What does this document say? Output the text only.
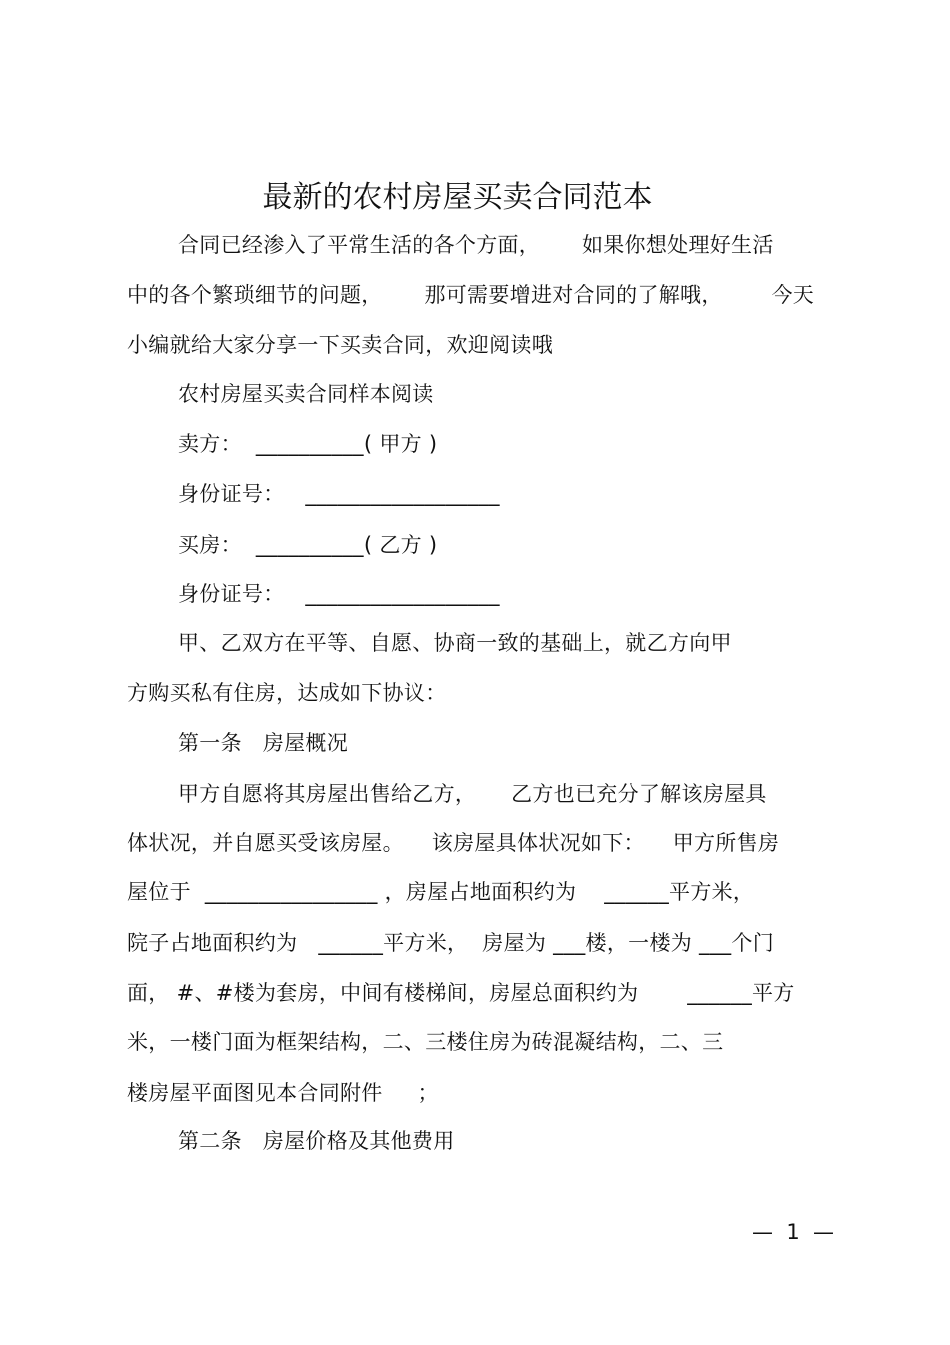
最新的农村房屋买卖合同范本
合同已经渗入了平常生活的各个方面，      如果你想处理好生活
中的各个繁琐细节的问题，      那可需要增进对合同的了解哦，       今天
小编就给大家分享一下买卖合同，欢迎阅读哦
农村房屋买卖合同样本阅读
卖方：  __________( 甲方 )
身份证号：   __________________
买房：  __________( 乙方 )
身份证号：   __________________
甲、乙双方在平等、自愿、协商一致的基础上，就乙方向甲
方购买私有住房，达成如下协议：
第一条   房屋概况
甲方自愿将其房屋出售给乙方，     乙方也已充分了解该房屋具
体状况，并自愿买受该房屋。    该房屋具体状况如下：    甲方所售房
屋位于  ________________ ，房屋占地面积约为    ______平方米，
院子占地面积约为   ______平方米，  房屋为 ___楼，一楼为 ___个门
面， #、#楼为套房，中间有楼梯间，房屋总面积约为       ______平方
米，一楼门面为框架结构，二、三楼住房为砖混凝结构，二、三
楼房屋平面图见本合同附件     ；
第二条   房屋价格及其他费用
—  1  —
